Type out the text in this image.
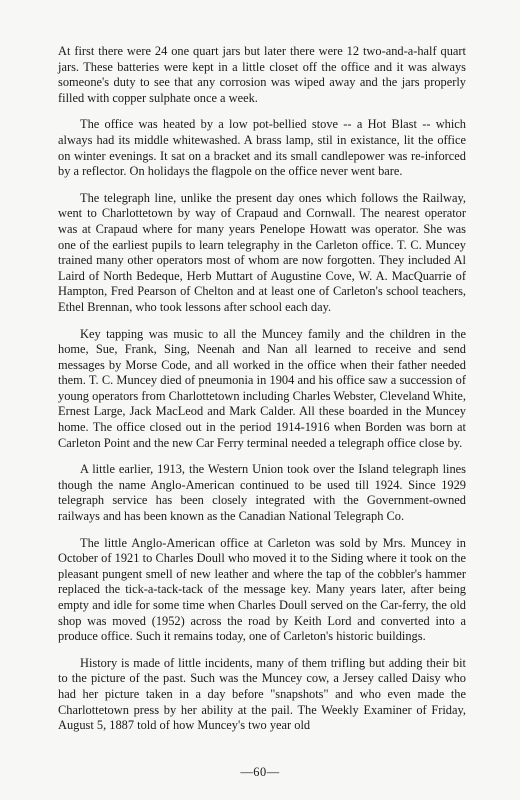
At first there were 24 one quart jars but later there were 12 two-and-a-half quart jars. These batteries were kept in a little closet off the office and it was always someone's duty to see that any corrosion was wiped away and the jars properly filled with copper sulphate once a week.

The office was heated by a low pot-bellied stove -- a Hot Blast -- which always had its middle whitewashed. A brass lamp, stil in existance, lit the office on winter evenings. It sat on a bracket and its small candlepower was re-inforced by a reflector. On holidays the flagpole on the office never went bare.

The telegraph line, unlike the present day ones which follows the Railway, went to Charlottetown by way of Crapaud and Cornwall. The nearest operator was at Crapaud where for many years Penelope Howatt was operator. She was one of the earliest pupils to learn telegraphy in the Carleton office. T. C. Muncey trained many other operators most of whom are now forgotten. They included Al Laird of North Bedeque, Herb Muttart of Augustine Cove, W. A. MacQuarrie of Hampton, Fred Pearson of Chelton and at least one of Carleton's school teachers, Ethel Brennan, who took lessons after school each day.

Key tapping was music to all the Muncey family and the children in the home, Sue, Frank, Sing, Neenah and Nan all learned to receive and send messages by Morse Code, and all worked in the office when their father needed them. T. C. Muncey died of pneumonia in 1904 and his office saw a succession of young operators from Charlottetown including Charles Webster, Cleveland White, Ernest Large, Jack MacLeod and Mark Calder. All these boarded in the Muncey home. The office closed out in the period 1914-1916 when Borden was born at Carleton Point and the new Car Ferry terminal needed a telegraph office close by.

A little earlier, 1913, the Western Union took over the Island telegraph lines though the name Anglo-American continued to be used till 1924. Since 1929 telegraph service has been closely integrated with the Government-owned railways and has been known as the Canadian National Telegraph Co.

The little Anglo-American office at Carleton was sold by Mrs. Muncey in October of 1921 to Charles Doull who moved it to the Siding where it took on the pleasant pungent smell of new leather and where the tap of the cobbler's hammer replaced the tick-a-tack-tack of the message key. Many years later, after being empty and idle for some time when Charles Doull served on the Car-ferry, the old shop was moved (1952) across the road by Keith Lord and converted into a produce office. Such it remains today, one of Carleton's historic buildings.

History is made of little incidents, many of them trifling but adding their bit to the picture of the past. Such was the Muncey cow, a Jersey called Daisy who had her picture taken in a day before "snapshots" and who even made the Charlottetown press by her ability at the pail. The Weekly Examiner of Friday, August 5, 1887 told of how Muncey's two year old

—60—
